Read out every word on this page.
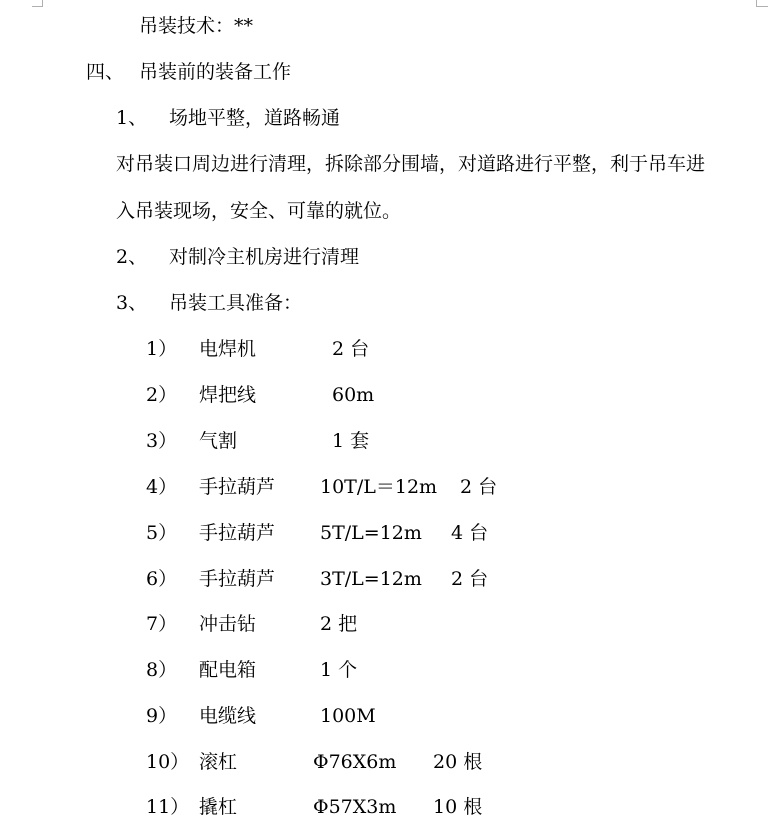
吊装技术：**
四、 吊装前的装备工作
1、 场地平整，道路畅通
对吊装口周边进行清理，拆除部分围墙，对道路进行平整，利于吊车进
入吊装现场，安全、可靠的就位。
2、 对制冷主机房进行清理
3、 吊装工具准备：
1） 电焊机	2 台
2） 焊把线	60m
3） 气割	1 套
4） 手拉葫芦 10T/L＝12m 2 台
5） 手拉葫芦 5T/L=12m 4 台
6） 手拉葫芦 3T/L=12m 2 台
7） 冲击钻	2 把
8） 配电箱	1 个
9） 电缆线	100M
10） 滚杠	Φ76X6m 20 根
11） 撬杠	Φ57X3m 10 根
